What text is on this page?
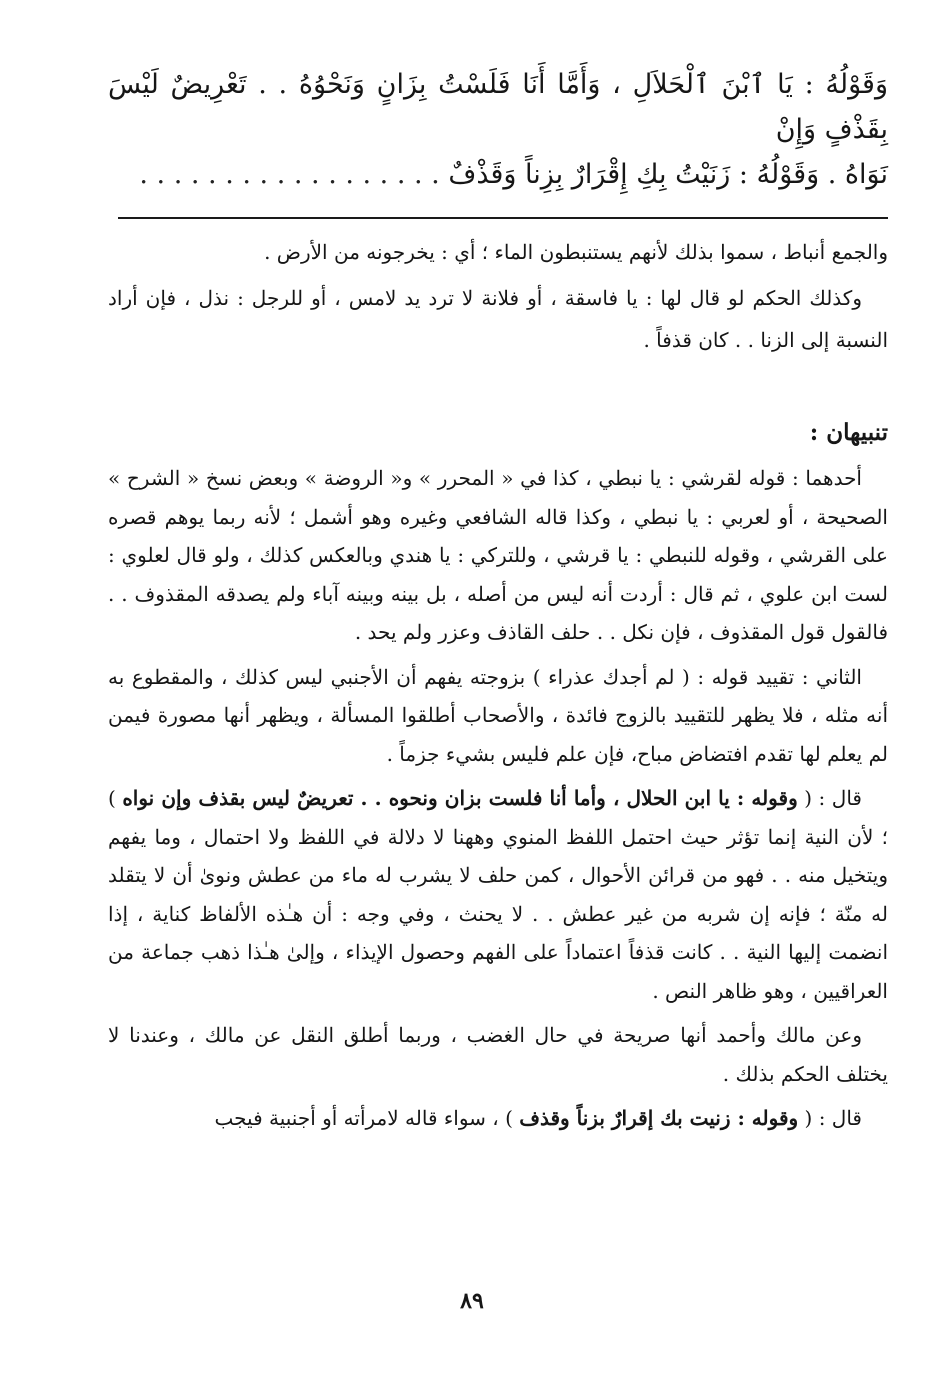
وَقَوْلُهُ : يَا ٱبْنَ ٱلْحَلاَلِ ، وَأَمَّا أَنَا فَلَسْتُ بِزَانٍ وَنَحْوُهُ . . تَعْرِيضٌ لَيْسَ بِقَذْفٍ وَإِنْ
نَوَاهُ . وَقَوْلُهُ : زَنَيْتُ بِكِ إِقْرَارٌ بِزِناً وَقَذْفٌ . . . . . . . . . . . . . . . . . .

والجمع أنباط ، سموا بذلك لأنهم يستنبطون الماء ؛ أي : يخرجونه من الأرض .

وكذلك الحكم لو قال لها : يا فاسقة ، أو فلانة لا ترد يد لامس ، أو للرجل : نذل ، فإن أراد النسبة إلى الزنا . . كان قذفاً .

تنبيهان :

أحدهما : قوله لقرشي : يا نبطي ، كذا في « المحرر » و« الروضة » وبعض نسخ « الشرح » الصحيحة ، أو لعربي : يا نبطي ، وكذا قاله الشافعي وغيره وهو أشمل ؛ لأنه ربما يوهم قصره على القرشي ، وقوله للنبطي : يا قرشي ، وللتركي : يا هندي وبالعكس كذلك ، ولو قال لعلوي : لست ابن علوي ، ثم قال : أردت أنه ليس من أصله ، بل بينه وبينه آباء ولم يصدقه المقذوف . . فالقول قول المقذوف ، فإن نكل . . حلف القاذف وعزر ولم يحد .

الثاني : تقييد قوله : ( لم أجدك عذراء ) بزوجته يفهم أن الأجنبي ليس كذلك ، والمقطوع به أنه مثله ، فلا يظهر للتقييد بالزوج فائدة ، والأصحاب أطلقوا المسألة ، ويظهر أنها مصورة فيمن لم يعلم لها تقدم افتضاض مباح، فإن علم فليس بشيء جزماً .

قال : ( وقوله : يا ابن الحلال ، وأما أنا فلست بزان ونحوه . . تعريضٌ ليس بقذف وإن نواه ) ؛ لأن النية إنما تؤثر حيث احتمل اللفظ المنوي وههنا لا دلالة في اللفظ ولا احتمال ، وما يفهم ويتخيل منه . . فهو من قرائن الأحوال ، كمن حلف لا يشرب له ماء من عطش ونوىٰ أن لا يتقلد له منّة ؛ فإنه إن شربه من غير عطش . . لا يحنث ، وفي وجه : أن هـٰذه الألفاظ كناية ، إذا انضمت إليها النية . . كانت قذفاً اعتماداً على الفهم وحصول الإيذاء ، وإلىٰ هـٰذا ذهب جماعة من العراقيين ، وهو ظاهر النص .

وعن مالك وأحمد أنها صريحة في حال الغضب ، وربما أطلق النقل عن مالك ، وعندنا لا يختلف الحكم بذلك .

قال : ( وقوله : زنيت بك إقرارٌ بزناً وقذف ) ، سواء قاله لامرأته أو أجنبية فيجب

٨٩
